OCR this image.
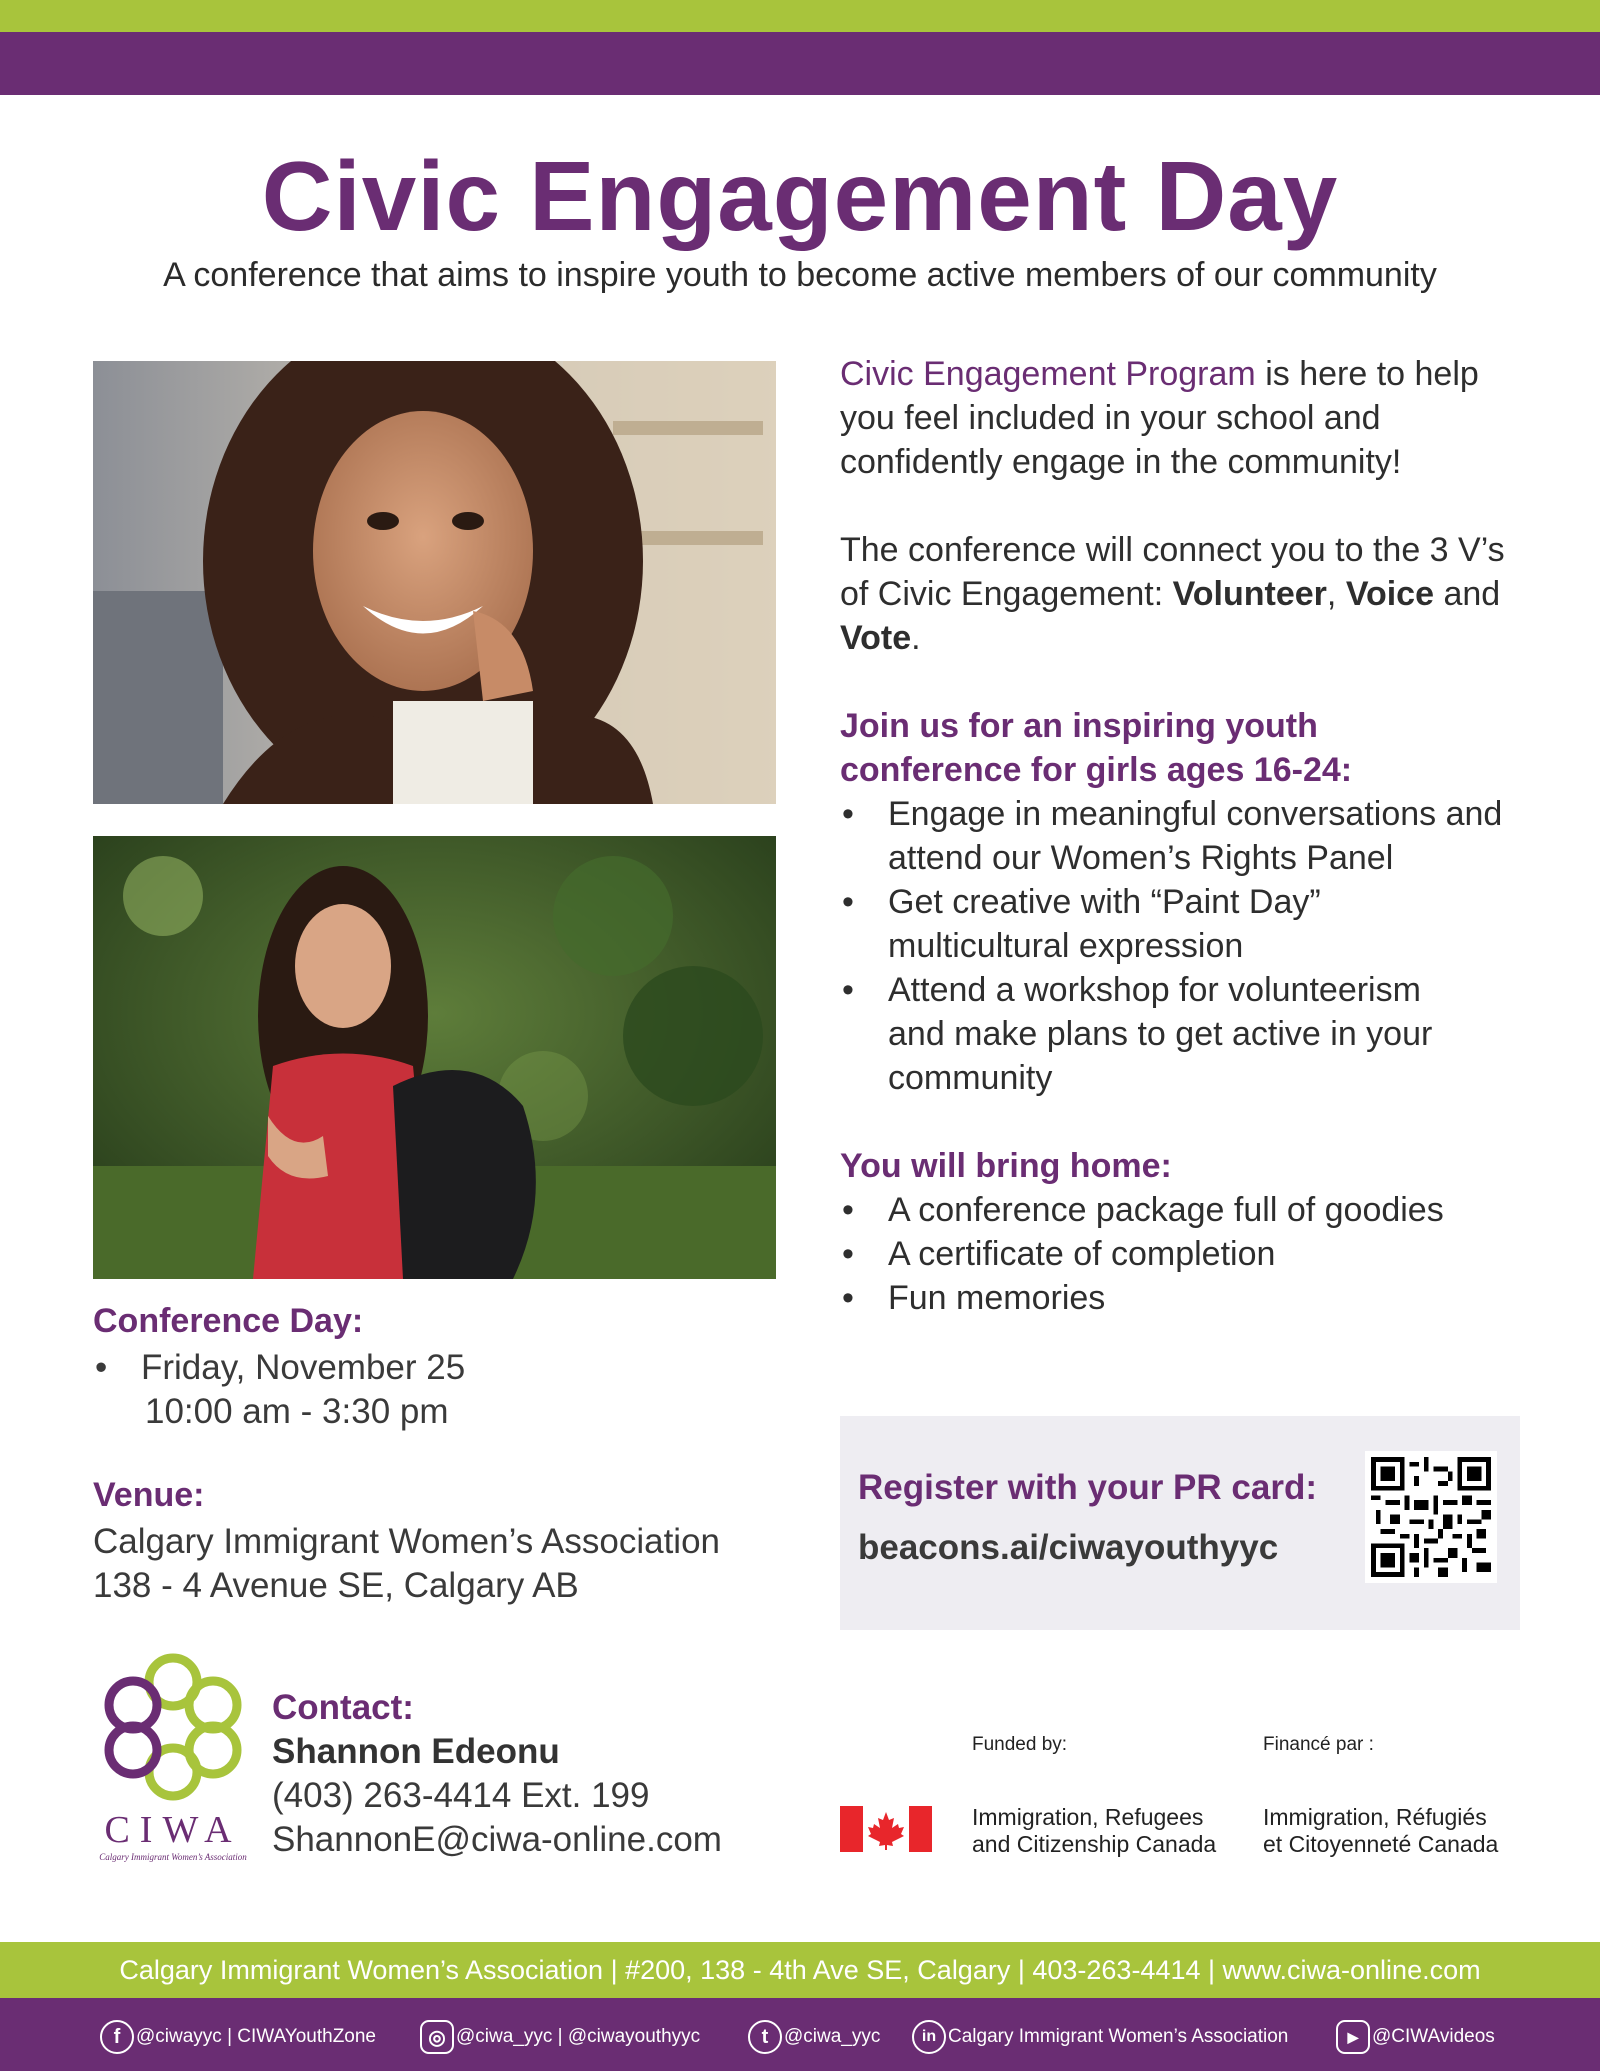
Civic Engagement Day
A conference that aims to inspire youth to become active members of our community
Conference Day:
• Friday, November 25
10:00 am - 3:30 pm
Venue:
Calgary Immigrant Women’s Association
138 - 4 Avenue SE, Calgary AB

Civic Engagement Program is here to help you feel included in your school and confidently engage in the community!

The conference will connect you to the 3 V’s of Civic Engagement: Volunteer, Voice and Vote.

Join us for an inspiring youth conference for girls ages 16-24:
• Engage in meaningful conversations and attend our Women’s Rights Panel
• Get creative with “Paint Day” multicultural expression
• Attend a workshop for volunteerism and make plans to get active in your community
You will bring home:
• A conference package full of goodies
• A certificate of completion
• Fun memories
Register with your PR card:
beacons.ai/ciwayouthyyc
CIWA
Calgary Immigrant Women’s Association
Contact:
Shannon Edeonu
(403) 263-4414 Ext. 199
ShannonE@ciwa-online.com
Funded by:	Financé par :
Immigration, Refugees
and Citizenship Canada
Immigration, Réfugiés
et Citoyenneté Canada
Calgary Immigrant Women’s Association | #200, 138 - 4th Ave SE, Calgary | 403-263-4414 | www.ciwa-online.com
f @ciwayyc | CIWAYouthZone	◎ @ciwa_yyc | @ciwayouthyyc	t @ciwa_yyc	in Calgary Immigrant Women’s Association	▶ @CIWAvideos
